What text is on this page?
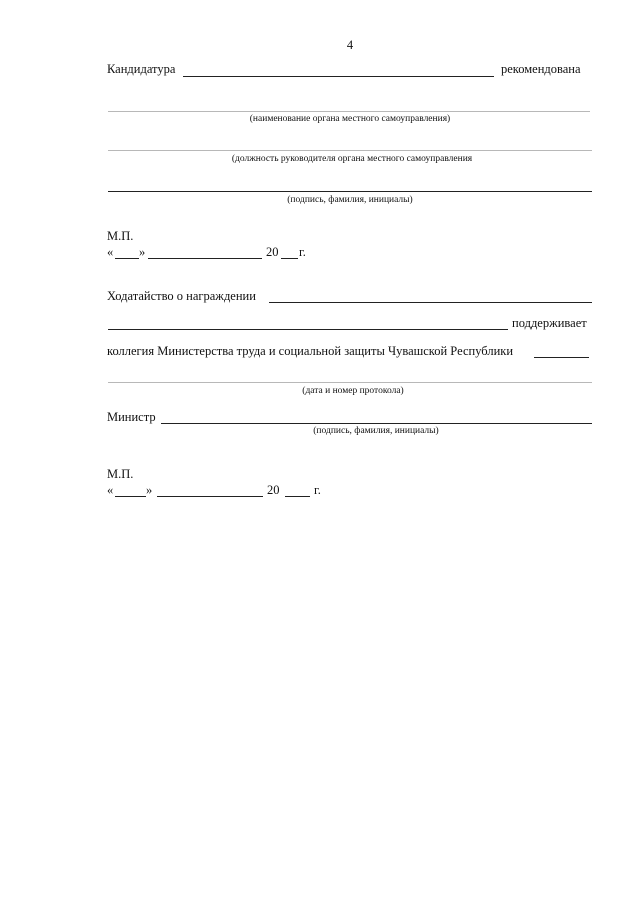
4
Кандидатура	рекомендована
(наименование органа местного самоуправления)
(должность руководителя органа местного самоуправления
(подпись, фамилия, инициалы)
М.П.
« »	20 г.
Ходатайство о награждении
поддерживает
коллегия Министерства труда и социальной защиты Чувашской Республики
(дата и номер протокола)
Министр
(подпись, фамилия, инициалы)
М.П.
«	»	20	г.
